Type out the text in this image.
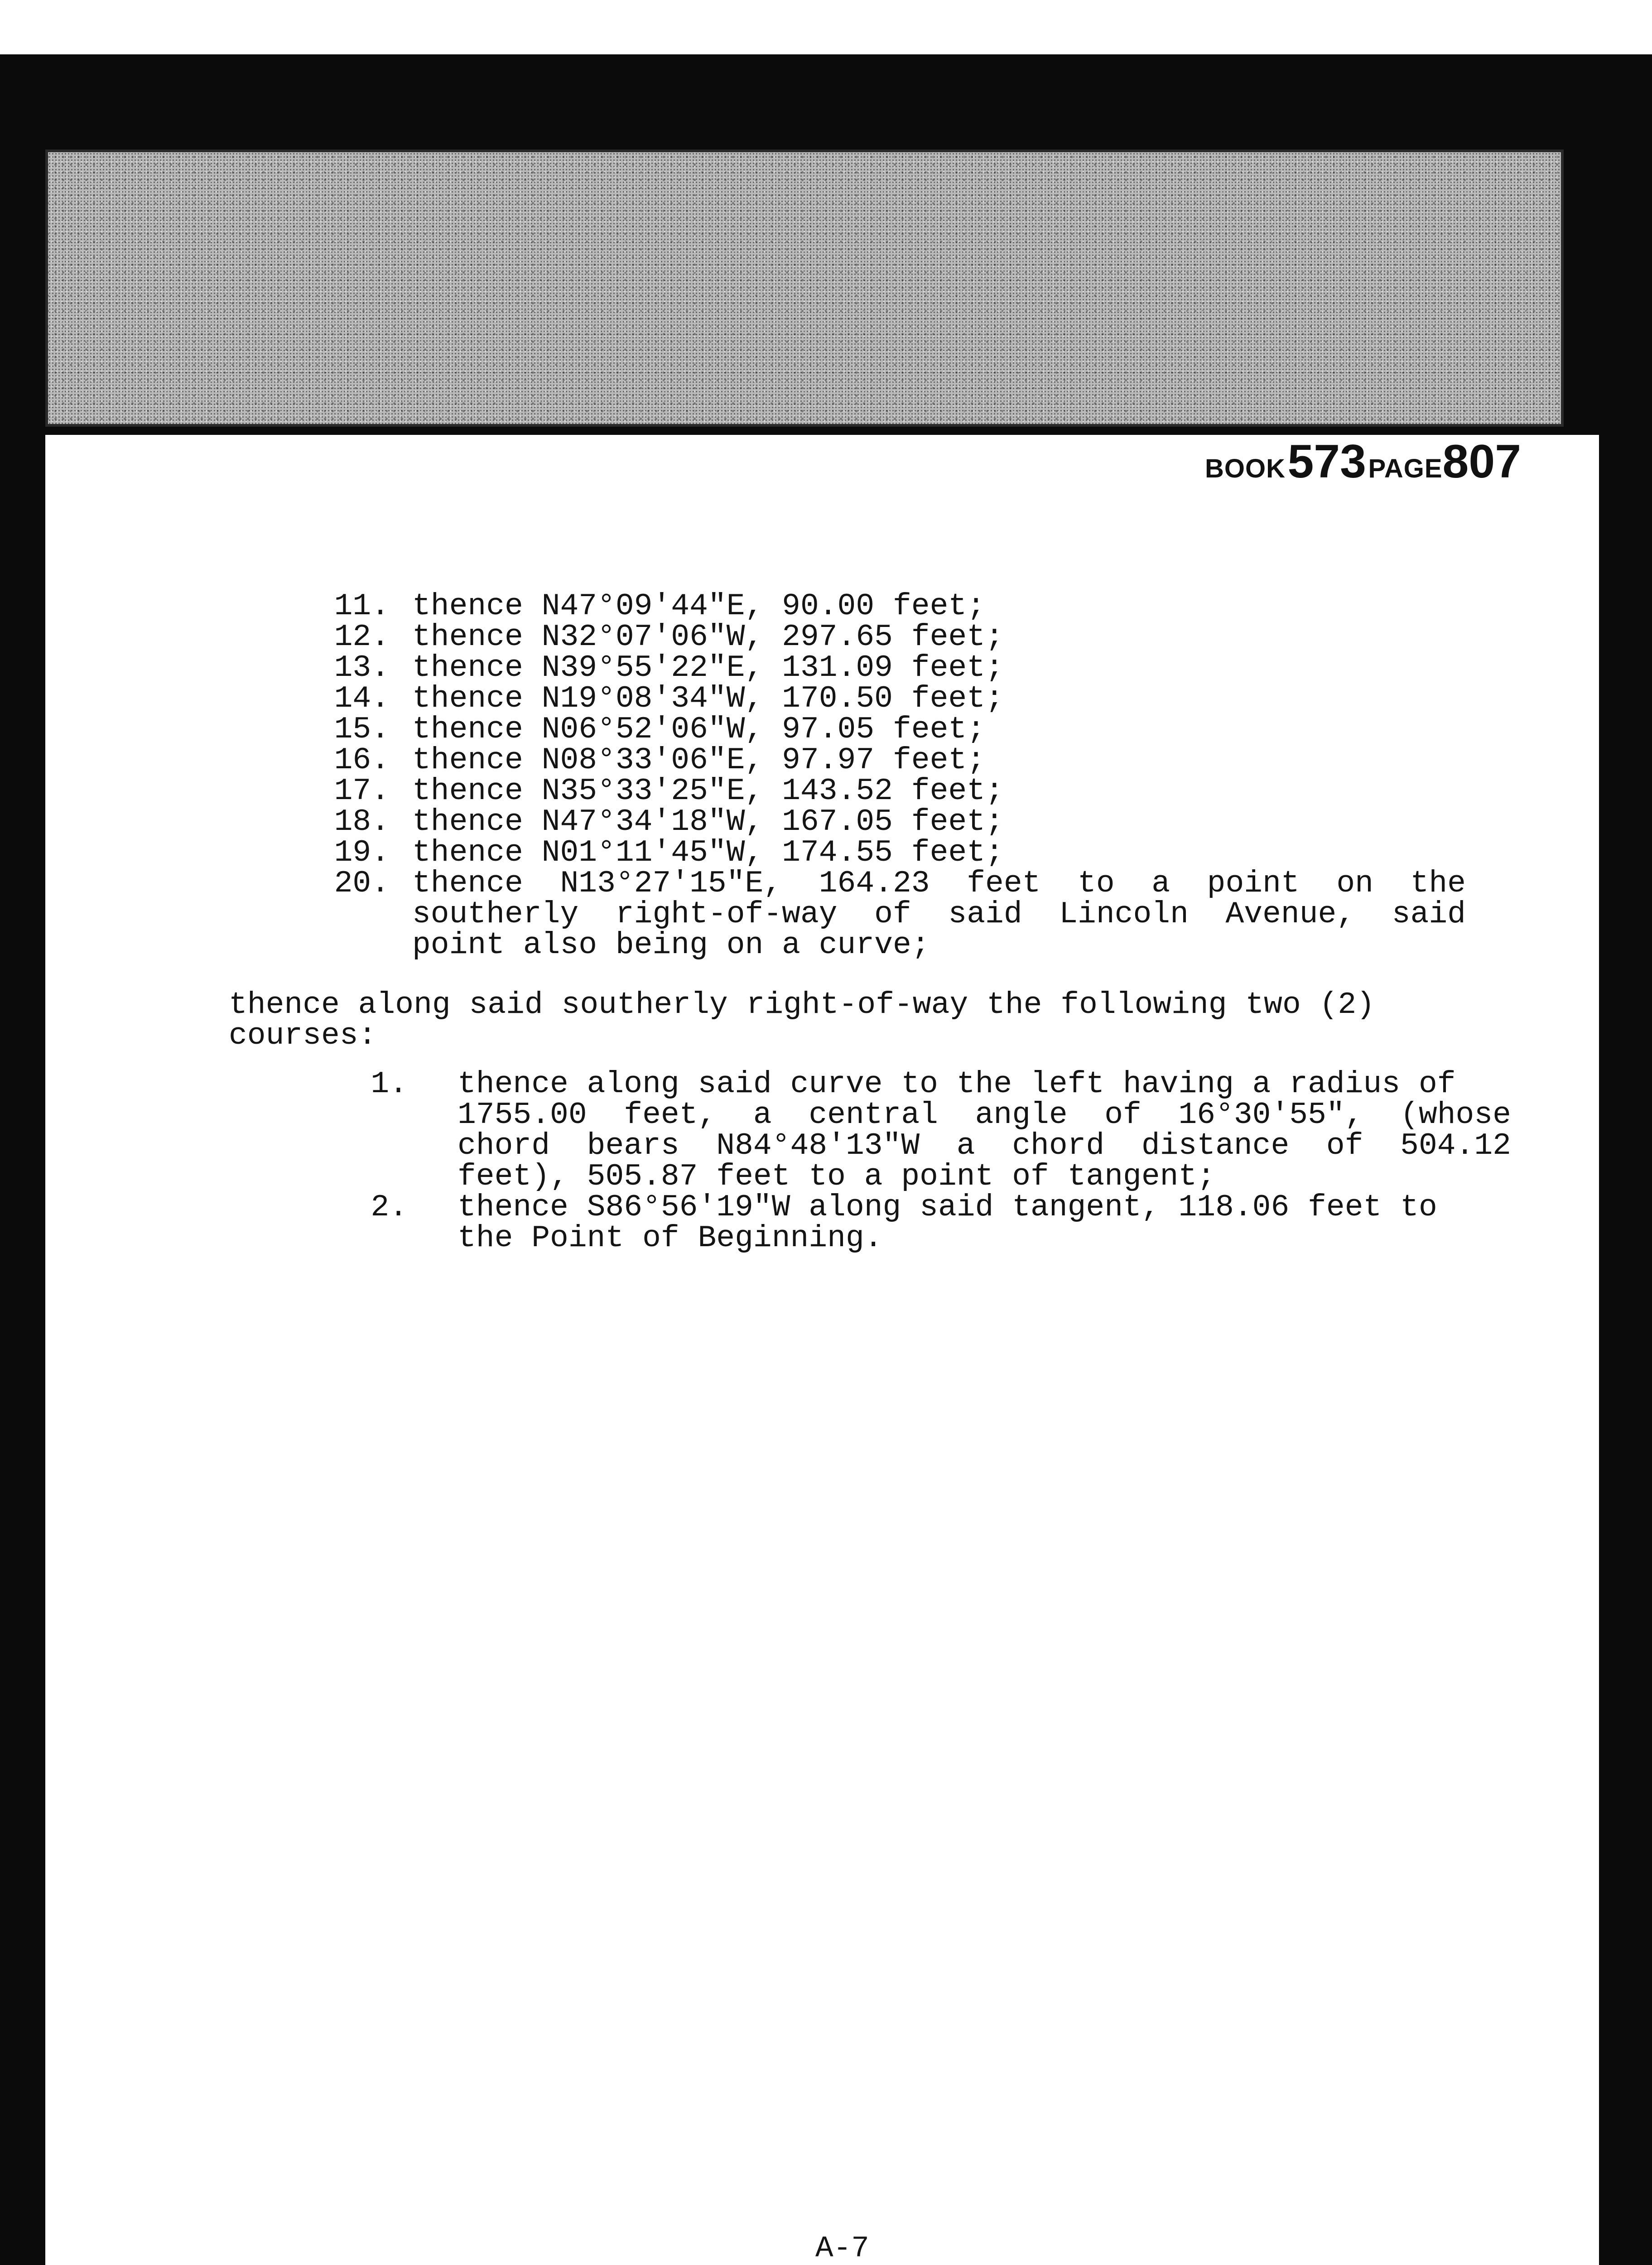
BOOK 573 PAGE807
11. thence N47°09'44"E, 90.00 feet;
12. thence N32°07'06"W, 297.65 feet;
13. thence N39°55'22"E, 131.09 feet;
14. thence N19°08'34"W, 170.50 feet;
15. thence N06°52'06"W, 97.05 feet;
16. thence N08°33'06"E, 97.97 feet;
17. thence N35°33'25"E, 143.52 feet;
18. thence N47°34'18"W, 167.05 feet;
19. thence N01°11'45"W, 174.55 feet;
20. thence  N13°27'15"E,  164.23  feet  to  a  point  on  the
southerly  right-of-way  of  said  Lincoln  Avenue,  said
point also being on a curve;
thence along said southerly right-of-way the following two (2)
courses:
1. thence along said curve to the left having a radius of
1755.00  feet,  a  central  angle  of  16°30'55",  (whose
chord  bears  N84°48'13"W  a  chord  distance  of  504.12
feet), 505.87 feet to a point of tangent;
2. thence S86°56'19"W along said tangent, 118.06 feet to
the Point of Beginning.
A-7
